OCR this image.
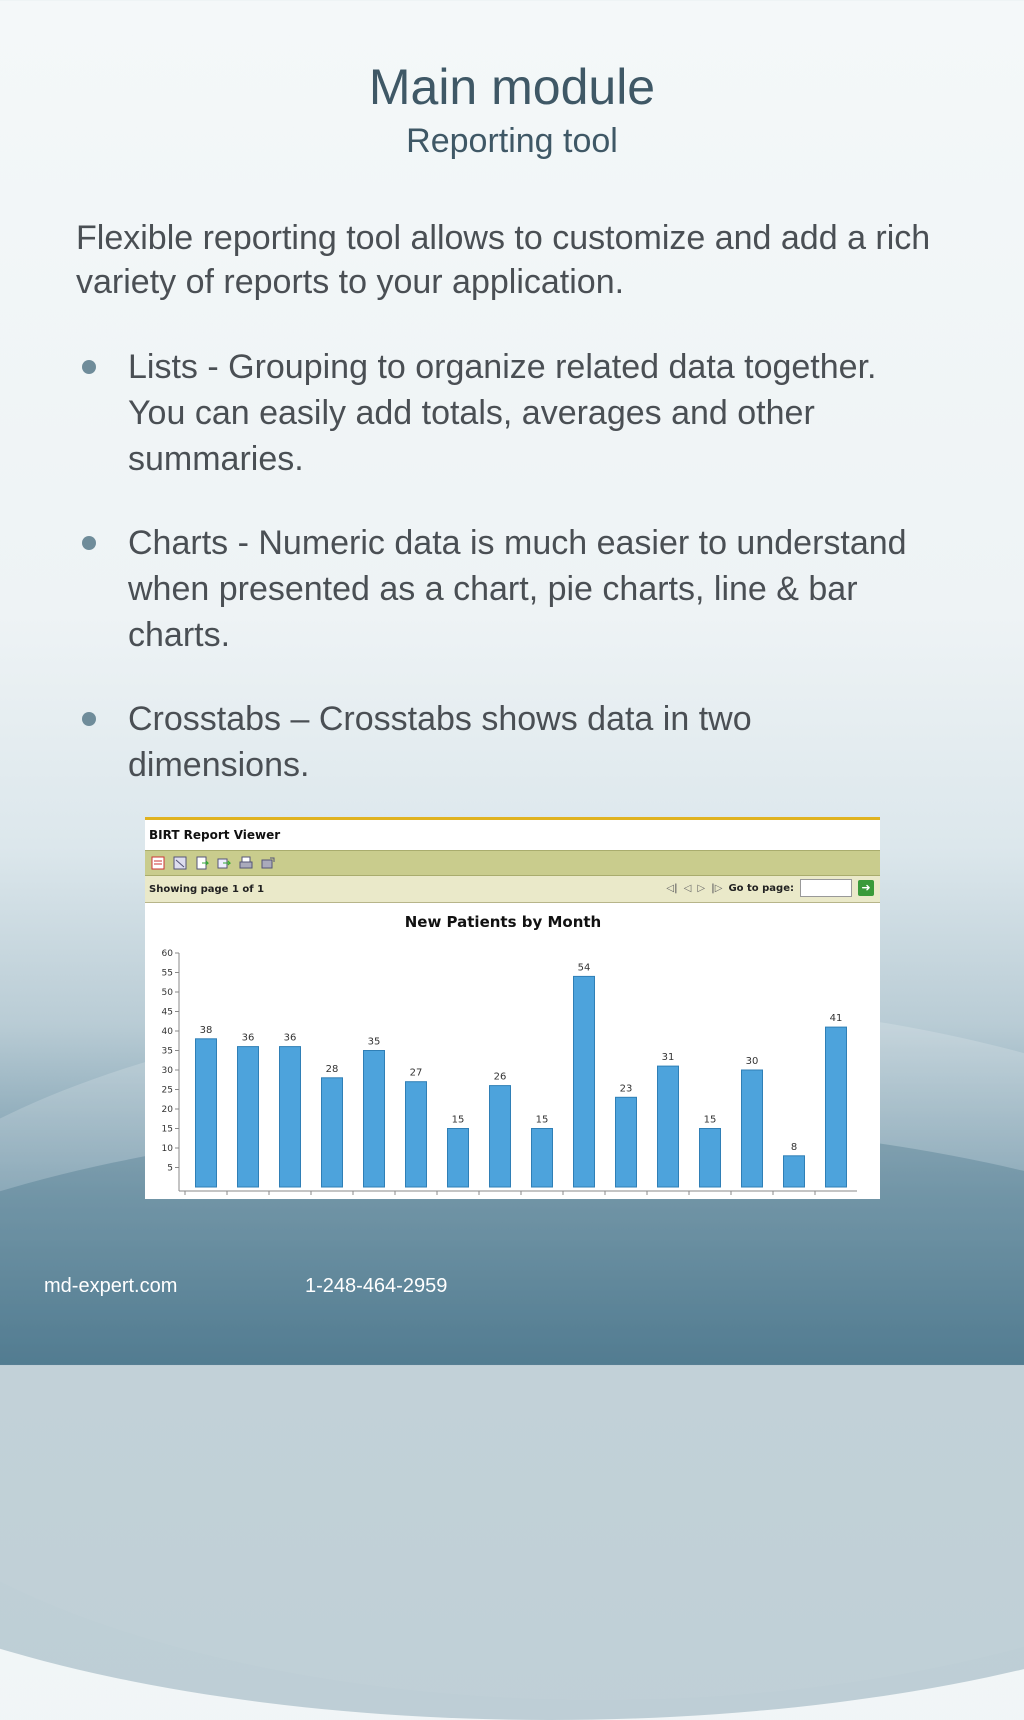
Main module
Reporting tool
Flexible reporting tool allows to customize and add a rich variety of reports to your application.
Lists - Grouping to organize related data together. You can easily add totals, averages and other summaries.
Charts - Numeric data is much easier to understand when presented as a chart, pie charts, line & bar charts.
Crosstabs – Crosstabs shows data in two dimensions.
BIRT Report Viewer
Showing page
1
of
1	◁| ◁ ▷ |▷ Go to page:	➜
New Patients by Month
5
10
15
20
25
30
35
40
45
50
55
60
38
36	36
28
35
27
15
26
15
54
23
31
15
30
8
41
md-expert.com	1-248-464-2959
